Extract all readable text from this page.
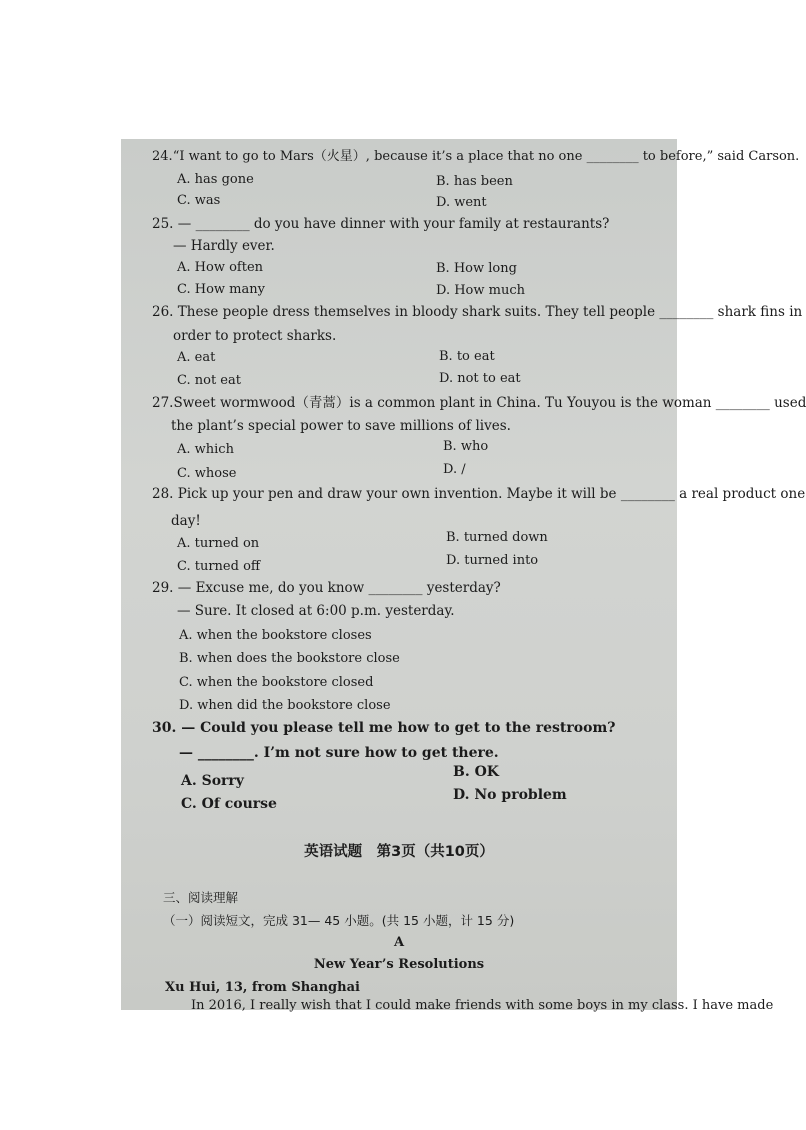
24.“I want to go to Mars（火星）, because it’s a place that no one ________ to before,” said Carson.
A. has gone	B. has been
C. was	D. went
25. — ________ do you have dinner with your family at restaurants?
— Hardly ever.
A. How often	B. How long
C. How many	D. How much
26. These people dress themselves in bloody shark suits. They tell people ________ shark fins in
order to protect sharks.
A. eat	B. to eat
C. not eat	D. not to eat
27.Sweet wormwood（青蒿）is a common plant in China. Tu Youyou is the woman ________ used
the plant’s special power to save millions of lives.
A. which	B. who
C. whose	D. /
28. Pick up your pen and draw your own invention. Maybe it will be ________ a real product one
day!
A. turned on	B. turned down
C. turned off	D. turned into
29. — Excuse me, do you know ________ yesterday?
— Sure. It closed at 6:00 p.m. yesterday.
A. when the bookstore closes
B. when does the bookstore close
C. when the bookstore closed
D. when did the bookstore close
30. — Could you please tell me how to get to the restroom?
— ________. I’m not sure how to get there.
A. Sorry
B. OK
C. Of course
D. No problem
英语试题　第3页（共10页）
三、阅读理解
（一）阅读短文，完成 31— 45 小题。(共 15 小题，计 15 分)
A
New Year’s Resolutions
Xu Hui, 13, from Shanghai
In 2016, I really wish that I could make friends with some boys in my class. I have made
